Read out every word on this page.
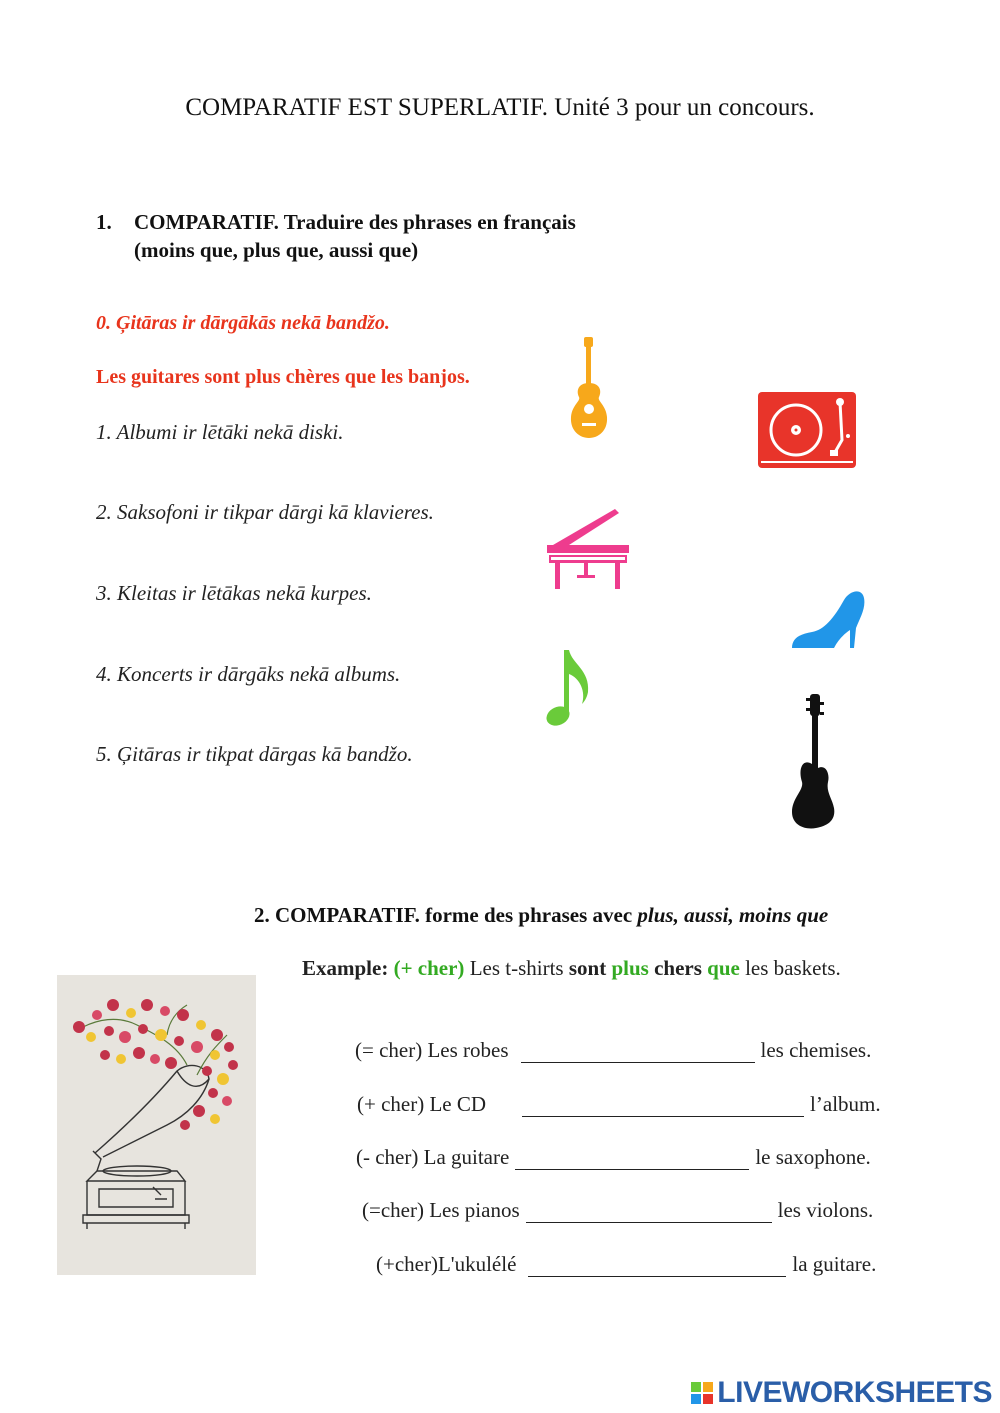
COMPARATIF EST SUPERLATIF. Unité 3 pour un concours.
1. COMPARATIF. Traduire des phrases en français
(moins que, plus que, aussi que)
0. Ģitāras ir dārgākās nekā bandžo.
Les guitares sont plus chères que les banjos.
1. Albumi ir lētāki nekā diski.
2. Saksofoni ir tikpar dārgi kā klavieres.
3. Kleitas ir lētākas nekā kurpes.
4. Koncerts ir dārgāks nekā albums.
5. Ģitāras ir tikpat dārgas kā bandžo.
2. COMPARATIF. forme des phrases avec plus, aussi, moins que
Example: (+ cher) Les t-shirts sont plus chers que les baskets.
(= cher) Les robes	les chemises.
(+ cher) Le CD	l’album.
(- cher) La guitare	le saxophone.
(=cher) Les pianos	les violons.
(+cher)L'ukulélé	la guitare.
LIVEWORKSHEETS
